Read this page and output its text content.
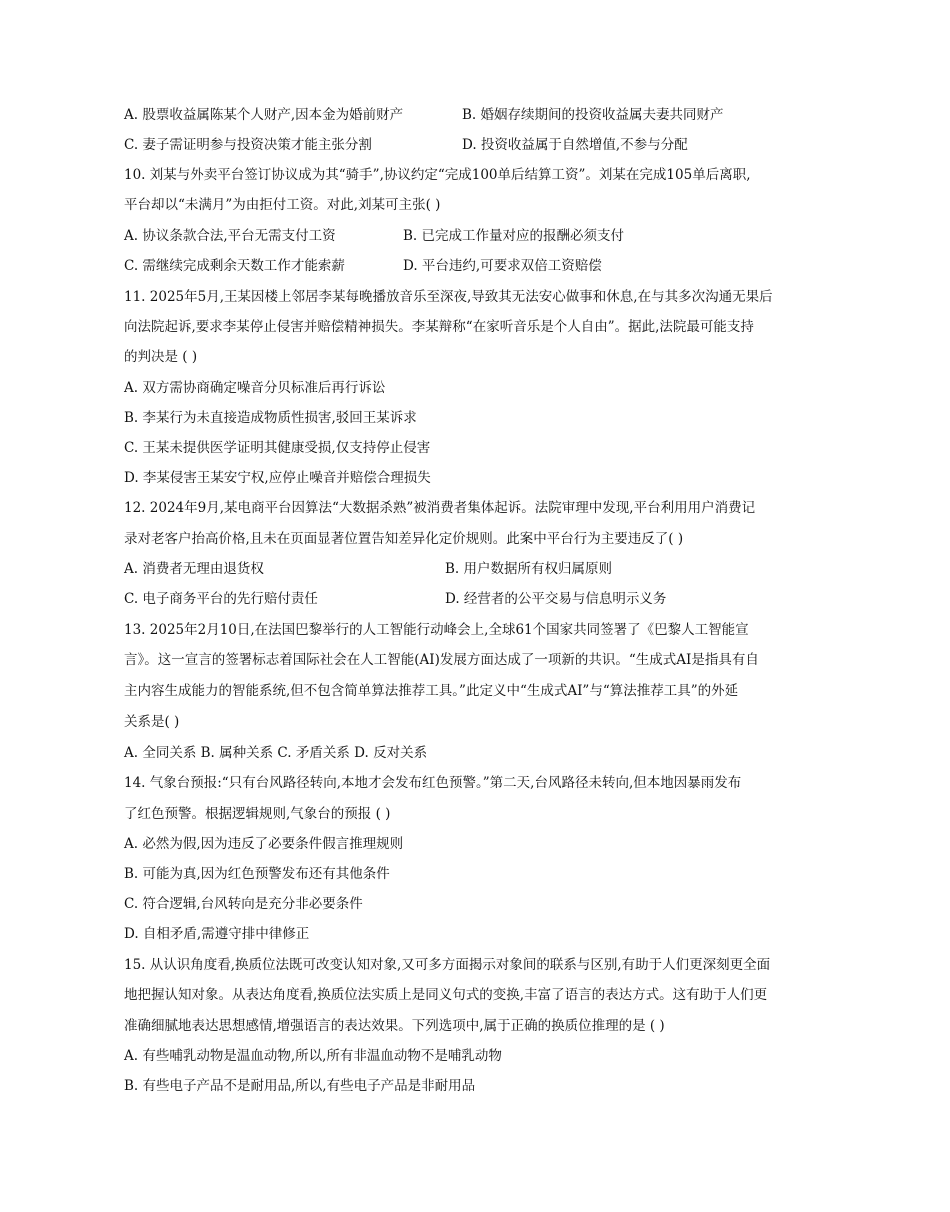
A. 股票收益属陈某个人财产,因本金为婚前财产	B. 婚姻存续期间的投资收益属夫妻共同财产
C. 妻子需证明参与投资决策才能主张分割	D. 投资收益属于自然增值,不参与分配
10. 刘某与外卖平台签订协议成为其“骑手”,协议约定“完成100单后结算工资”。刘某在完成105单后离职,
平台却以“未满月”为由拒付工资。对此,刘某可主张( )
A. 协议条款合法,平台无需支付工资	B. 已完成工作量对应的报酬必须支付
C. 需继续完成剩余天数工作才能索薪	D. 平台违约,可要求双倍工资赔偿
11. 2025年5月,王某因楼上邻居李某每晚播放音乐至深夜,导致其无法安心做事和休息,在与其多次沟通无果后
向法院起诉,要求李某停止侵害并赔偿精神损失。李某辩称“在家听音乐是个人自由”。据此,法院最可能支持
的判决是 ( )
A. 双方需协商确定噪音分贝标准后再行诉讼
B. 李某行为未直接造成物质性损害,驳回王某诉求
C. 王某未提供医学证明其健康受损,仅支持停止侵害
D. 李某侵害王某安宁权,应停止噪音并赔偿合理损失
12. 2024年9月,某电商平台因算法“大数据杀熟”被消费者集体起诉。法院审理中发现,平台利用用户消费记
录对老客户抬高价格,且未在页面显著位置告知差异化定价规则。此案中平台行为主要违反了( )
A. 消费者无理由退货权	B. 用户数据所有权归属原则
C. 电子商务平台的先行赔付责任	D. 经营者的公平交易与信息明示义务
13. 2025年2月10日,在法国巴黎举行的人工智能行动峰会上,全球61个国家共同签署了《巴黎人工智能宣
言》。这一宣言的签署标志着国际社会在人工智能(AI)发展方面达成了一项新的共识。“生成式AI是指具有自
主内容生成能力的智能系统,但不包含简单算法推荐工具。”此定义中“生成式AI”与“算法推荐工具”的外延
关系是( )
A. 全同关系 B. 属种关系 C. 矛盾关系 D. 反对关系
14. 气象台预报:“只有台风路径转向,本地才会发布红色预警。”第二天,台风路径未转向,但本地因暴雨发布
了红色预警。根据逻辑规则,气象台的预报 ( )
A. 必然为假,因为违反了必要条件假言推理规则
B. 可能为真,因为红色预警发布还有其他条件
C. 符合逻辑,台风转向是充分非必要条件
D. 自相矛盾,需遵守排中律修正
15. 从认识角度看,换质位法既可改变认知对象,又可多方面揭示对象间的联系与区别,有助于人们更深刻更全面
地把握认知对象。从表达角度看,换质位法实质上是同义句式的变换,丰富了语言的表达方式。这有助于人们更
准确细腻地表达思想感情,增强语言的表达效果。下列选项中,属于正确的换质位推理的是 ( )
A. 有些哺乳动物是温血动物,所以,所有非温血动物不是哺乳动物
B. 有些电子产品不是耐用品,所以,有些电子产品是非耐用品
